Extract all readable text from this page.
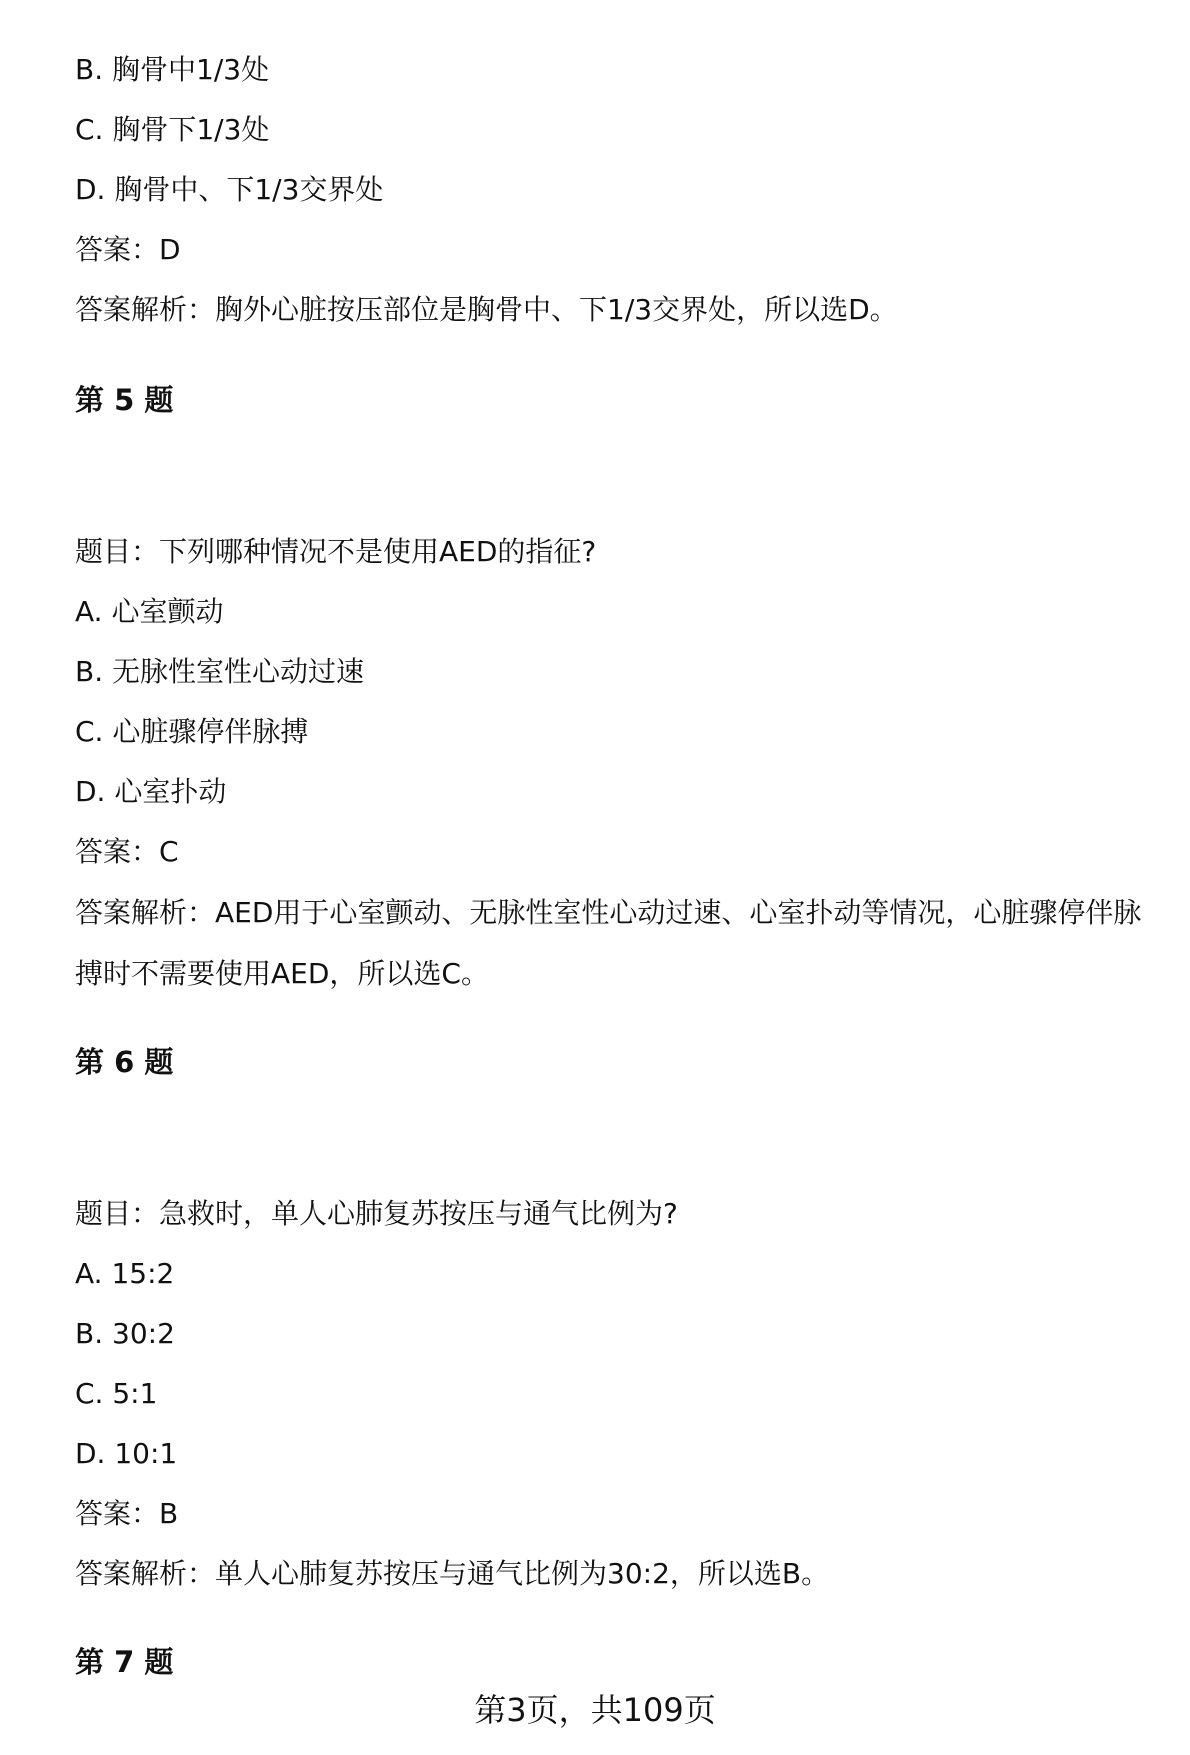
B. 胸骨中1/3处
C. 胸骨下1/3处
D. 胸骨中、下1/3交界处
答案：D
答案解析：胸外心脏按压部位是胸骨中、下1/3交界处，所以选D。
第 5 题
题目：下列哪种情况不是使用AED的指征?
A. 心室颤动
B. 无脉性室性心动过速
C. 心脏骤停伴脉搏
D. 心室扑动
答案：C
答案解析：AED用于心室颤动、无脉性室性心动过速、心室扑动等情况，心脏骤停伴脉搏时不需要使用AED，所以选C。
第 6 题
题目：急救时，单人心肺复苏按压与通气比例为?
A. 15:2
B. 30:2
C. 5:1
D. 10:1
答案：B
答案解析：单人心肺复苏按压与通气比例为30:2，所以选B。
第 7 题
第3页，共109页
